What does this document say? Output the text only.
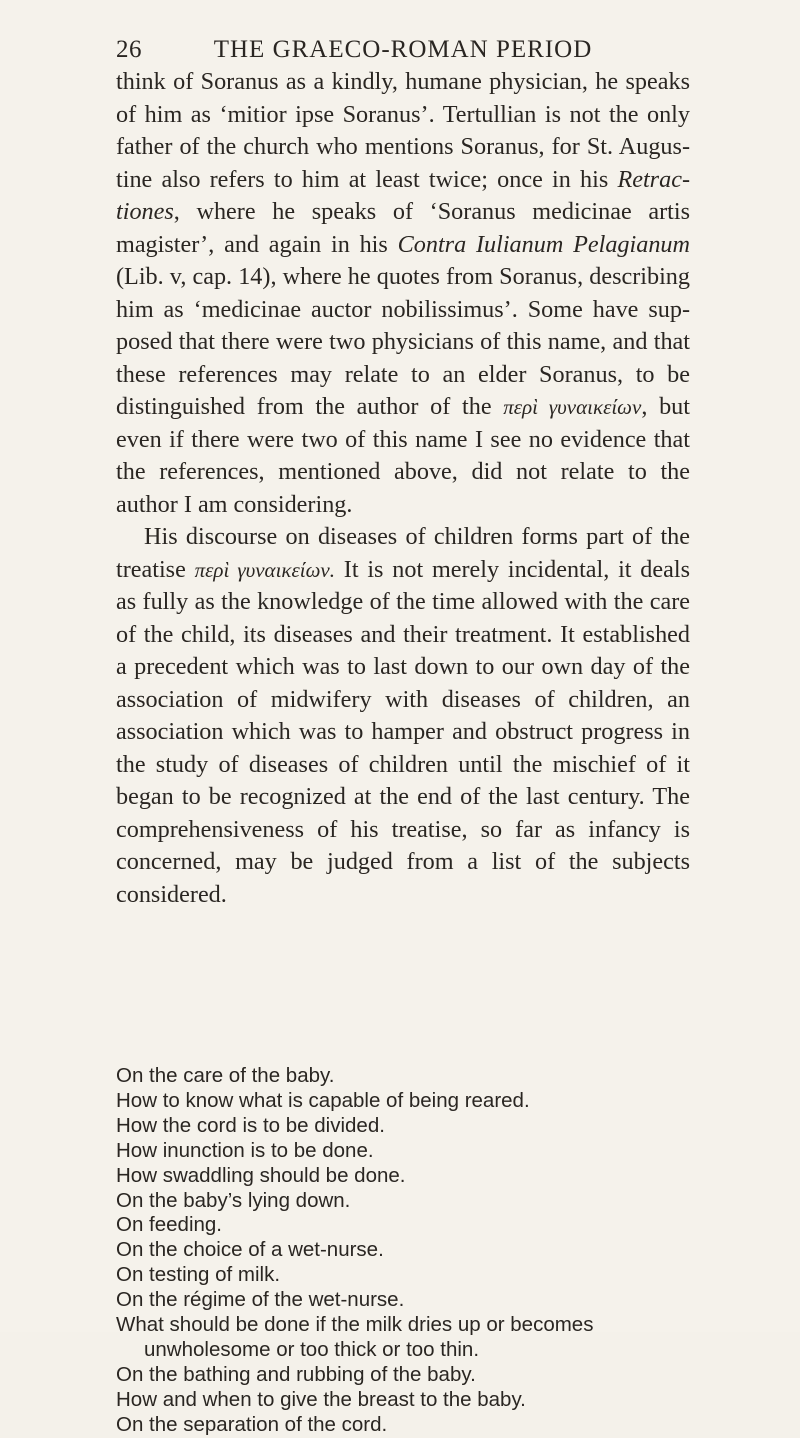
26	THE GRAECO-ROMAN PERIOD

think of Soranus as a kindly, humane physician, he speaks of him as ‘mitior ipse Soranus’. Tertullian is not the only father of the church who mentions Soranus, for St. Augustine also refers to him at least twice; once in his Retractiones, where he speaks of ‘Soranus medicinae artis magister’, and again in his Contra Iulianum Pelagianum (Lib. v, cap. 14), where he quotes from Soranus, describing him as ‘medicinae auctor nobilissimus’. Some have supposed that there were two physicians of this name, and that these references may relate to an elder Soranus, to be distinguished from the author of the περὶ γυναικείων, but even if there were two of this name I see no evidence that the references, mentioned above, did not relate to the author I am considering.

His discourse on diseases of children forms part of the treatise περὶ γυναικείων. It is not merely incidental, it deals as fully as the knowledge of the time allowed with the care of the child, its diseases and their treatment. It established a precedent which was to last down to our own day of the association of midwifery with diseases of children, an association which was to hamper and obstruct progress in the study of diseases of children until the mischief of it began to be recognized at the end of the last century. The comprehensiveness of his treatise, so far as infancy is concerned, may be judged from a list of the subjects considered.

On the care of the baby.
How to know what is capable of being reared.
How the cord is to be divided.
How inunction is to be done.
How swaddling should be done.
On the baby’s lying down.
On feeding.
On the choice of a wet-nurse.
On testing of milk.
On the régime of the wet-nurse.
What should be done if the milk dries up or becomes unwholesome or too thick or too thin.
On the bathing and rubbing of the baby.
How and when to give the breast to the baby.
On the separation of the cord.
